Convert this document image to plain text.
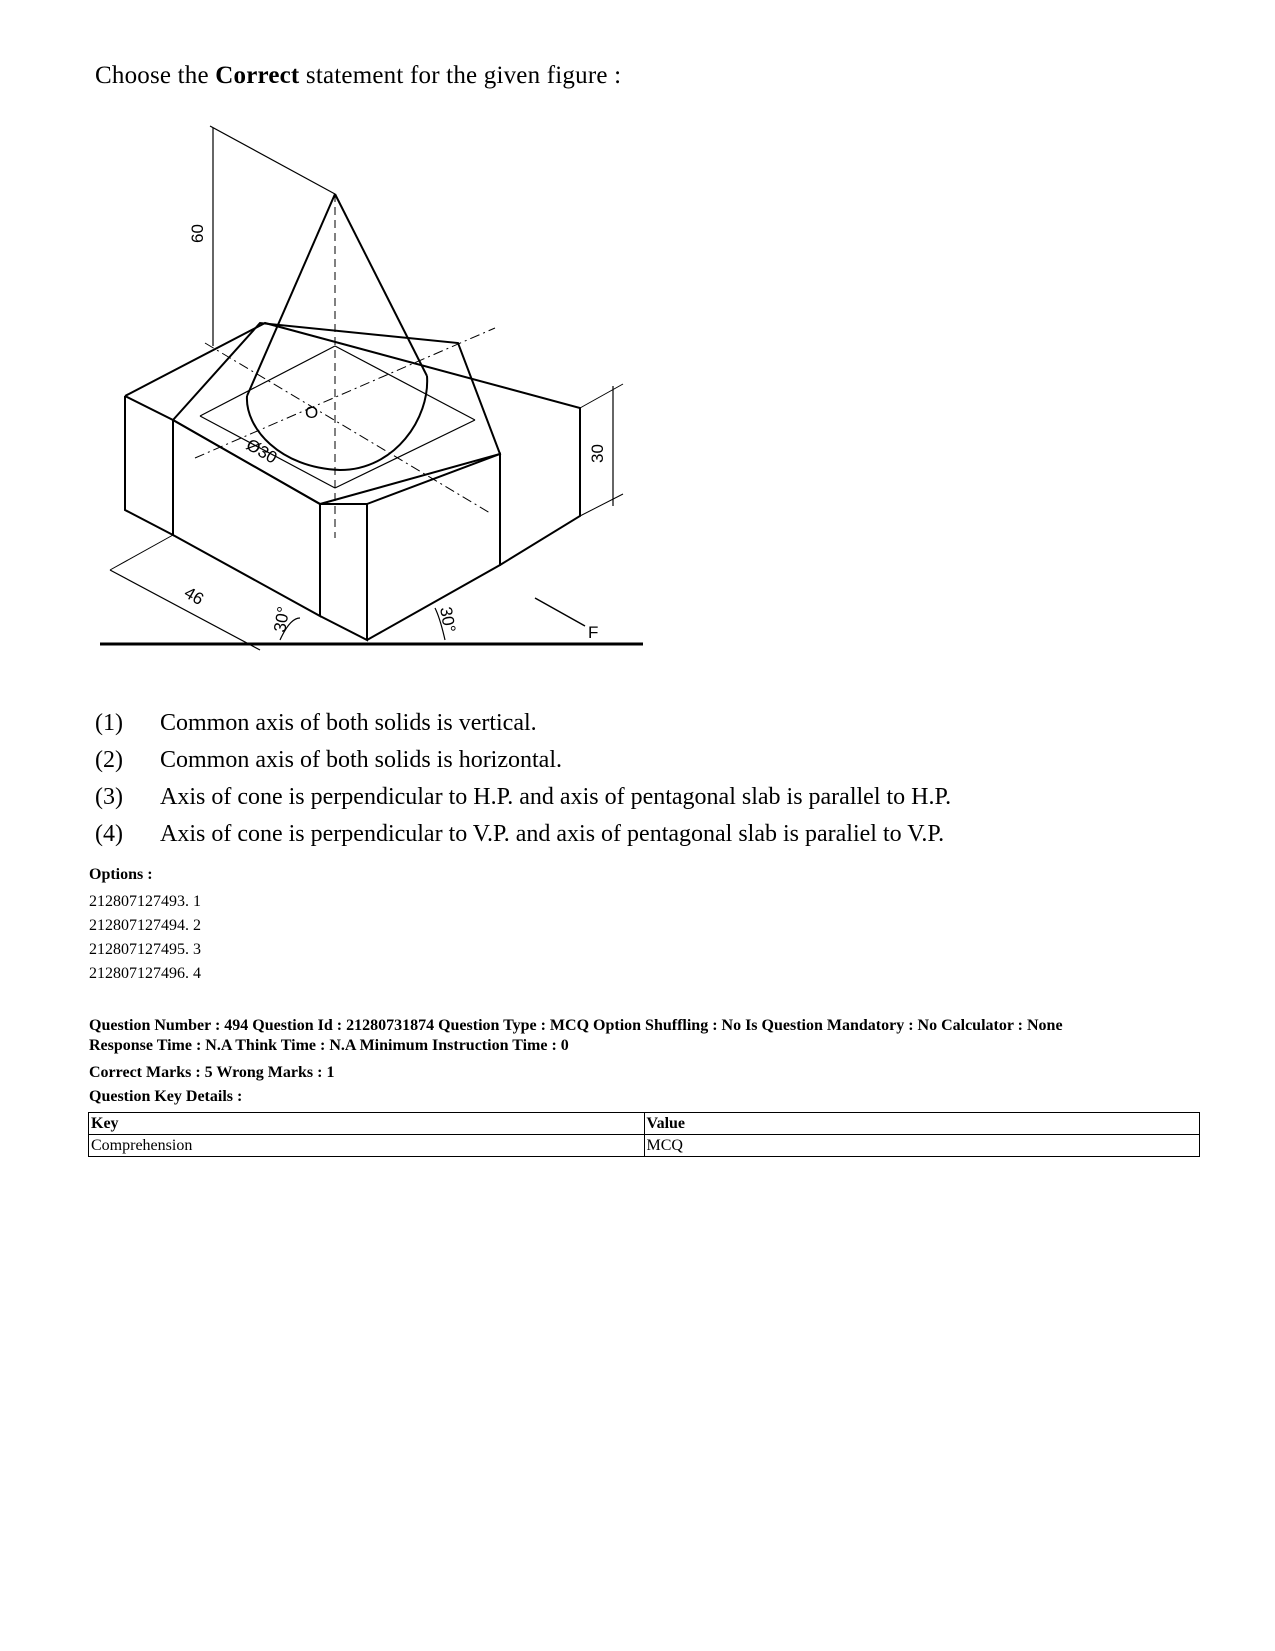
Choose the Correct statement for the given figure :
60
30
46
Ø30
O
30°	30°	F
(1) Common axis of both solids is vertical.
(2) Common axis of both solids is horizontal.
(3) Axis of cone is perpendicular to H.P. and axis of pentagonal slab is parallel to H.P.
(4) Axis of cone is perpendicular to V.P. and axis of pentagonal slab is paraliel to V.P.
Options :
212807127493. 1
212807127494. 2
212807127495. 3
212807127496. 4
Question Number : 494 Question Id : 21280731874 Question Type : MCQ Option Shuffling : No Is Question Mandatory : No Calculator : None
Response Time : N.A Think Time : N.A Minimum Instruction Time : 0
Correct Marks : 5 Wrong Marks : 1
Question Key Details :
Key	Value
Comprehension	MCQ
